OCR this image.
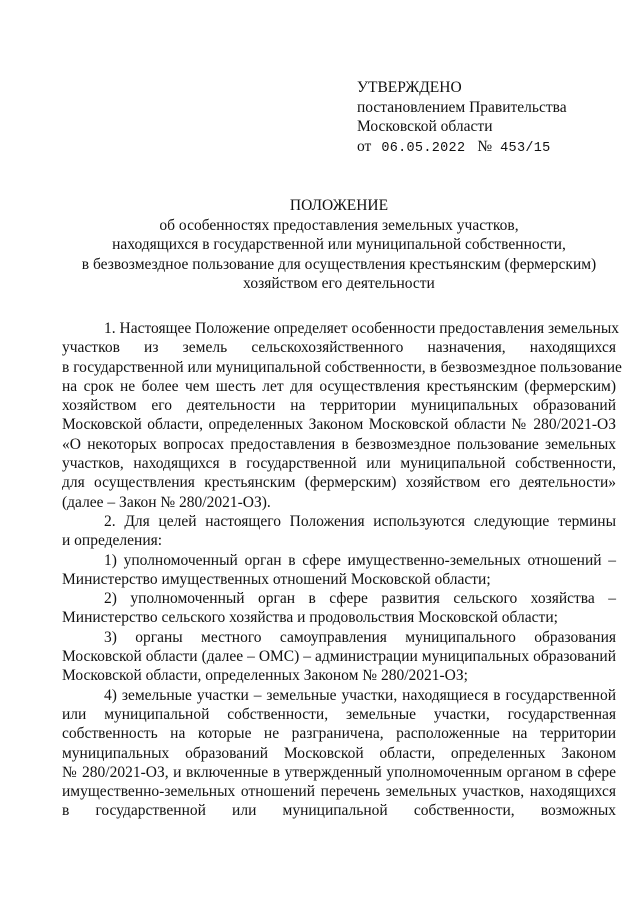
УТВЕРЖДЕНО
постановлением Правительства
Московской области
от 06.05.2022 № 453/15
ПОЛОЖЕНИЕ
об особенностях предоставления земельных участков,
находящихся в государственной или муниципальной собственности,
в безвозмездное пользование для осуществления крестьянским (фермерским)
хозяйством его деятельности
1. Настоящее Положение определяет особенности предоставления земельных
участков из земель сельскохозяйственного назначения, находящихся
в государственной или муниципальной собственности, в безвозмездное пользование
на срок не более чем шесть лет для осуществления крестьянским (фермерским)
хозяйством его деятельности на территории муниципальных образований
Московской области, определенных Законом Московской области № 280/2021-ОЗ
«О некоторых вопросах предоставления в безвозмездное пользование земельных
участков, находящихся в государственной или муниципальной собственности,
для осуществления крестьянским (фермерским) хозяйством его деятельности»
(далее – Закон № 280/2021-ОЗ).
2. Для целей настоящего Положения используются следующие термины
и определения:
1) уполномоченный орган в сфере имущественно-земельных отношений –
Министерство имущественных отношений Московской области;
2) уполномоченный орган в сфере развития сельского хозяйства –
Министерство сельского хозяйства и продовольствия Московской области;
3) органы местного самоуправления муниципального образования
Московской области (далее – ОМС) – администрации муниципальных образований
Московской области, определенных Законом № 280/2021-ОЗ;
4) земельные участки – земельные участки, находящиеся в государственной
или муниципальной собственности, земельные участки, государственная
собственность на которые не разграничена, расположенные на территории
муниципальных образований Московской области, определенных Законом
№ 280/2021-ОЗ, и включенные в утвержденный уполномоченным органом в сфере
имущественно-земельных отношений перечень земельных участков, находящихся
в государственной или муниципальной собственности, возможных
